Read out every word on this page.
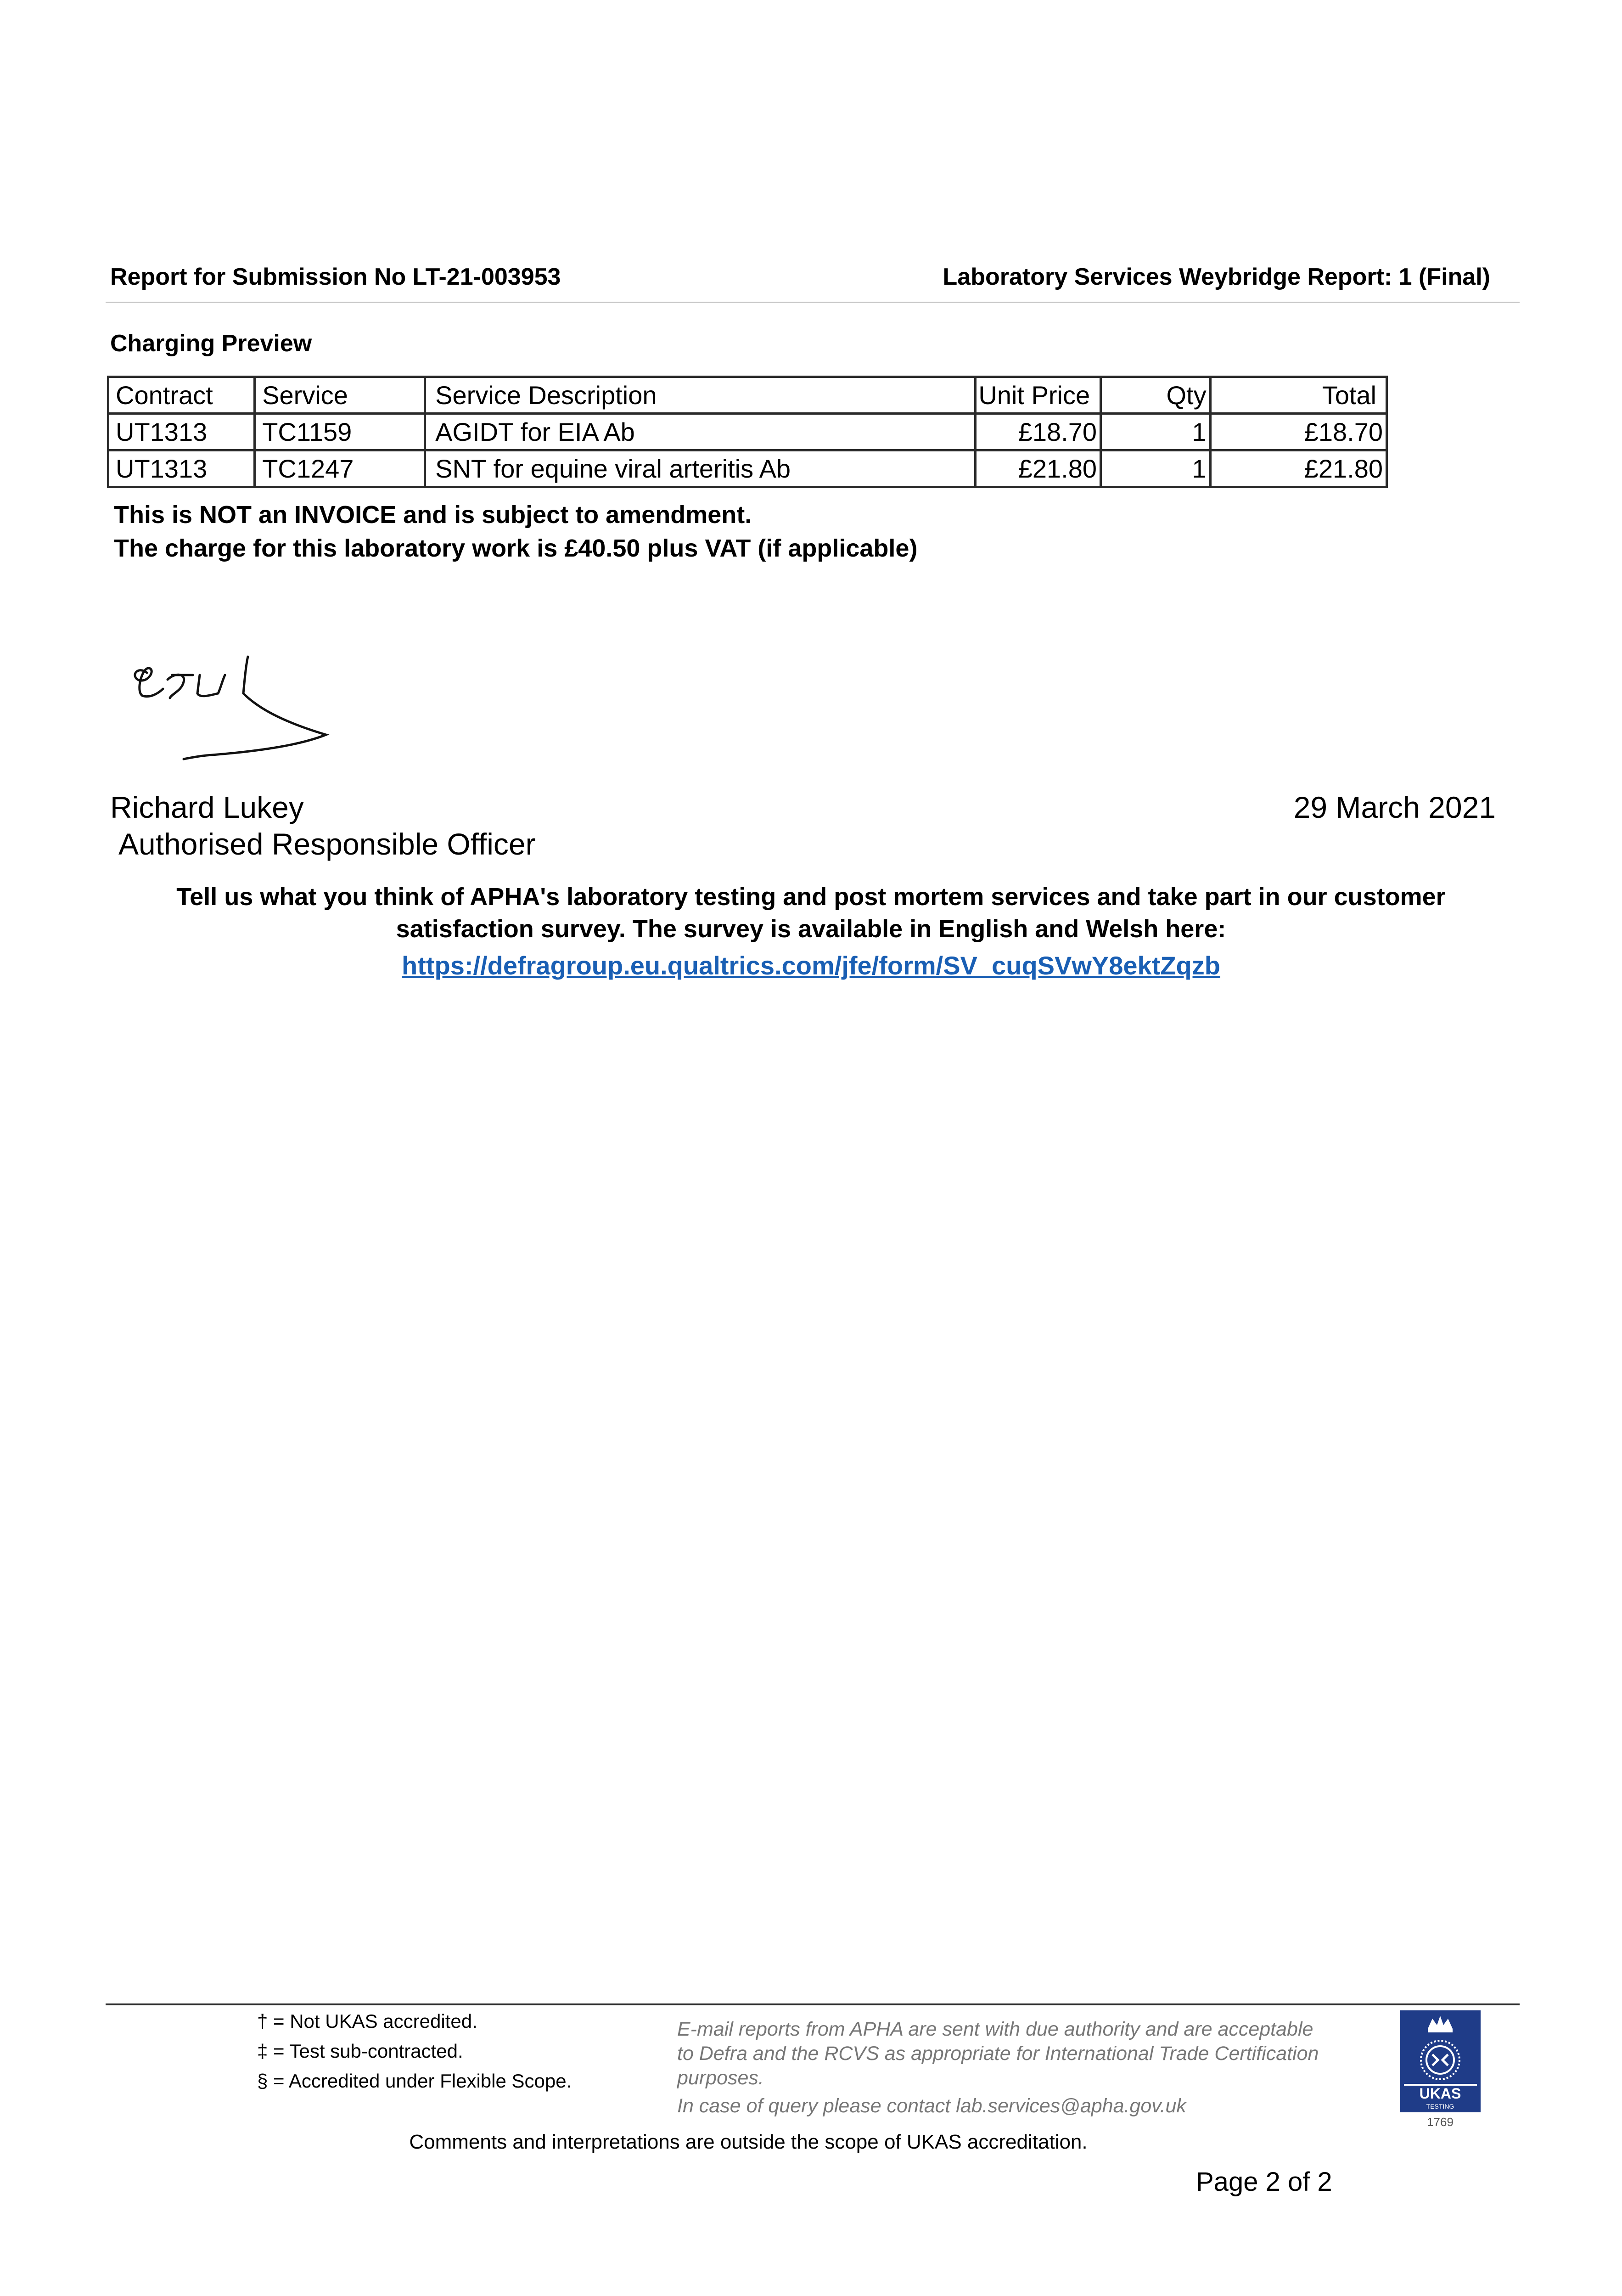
Report for Submission No LT-21-003953	Laboratory Services Weybridge Report: 1 (Final)
Charging Preview
Contract	Service	Service Description	Unit Price	Qty	Total
UT1313	TC1159	AGIDT for EIA Ab	£18.70	1	£18.70
UT1313	TC1247	SNT for equine viral arteritis Ab	£21.80	1	£21.80
This is NOT an INVOICE and is subject to amendment.
The charge for this laboratory work is £40.50 plus VAT (if applicable)
Richard Lukey
Authorised Responsible Officer
29 March 2021
Tell us what you think of APHA's laboratory testing and post mortem services and take part in our customer satisfaction survey. The survey is available in English and Welsh here:
https://defragroup.eu.qualtrics.com/jfe/form/SV_cuqSVwY8ektZqzb
† = Not UKAS accredited.
‡ = Test sub-contracted.
§ = Accredited under Flexible Scope.
E-mail reports from APHA are sent with due authority and are acceptable to Defra and the RCVS as appropriate for International Trade Certification purposes.
In case of query please contact lab.services@apha.gov.uk
UKAS
TESTING
1769
Comments and interpretations are outside the scope of UKAS accreditation.
Page 2 of 2
